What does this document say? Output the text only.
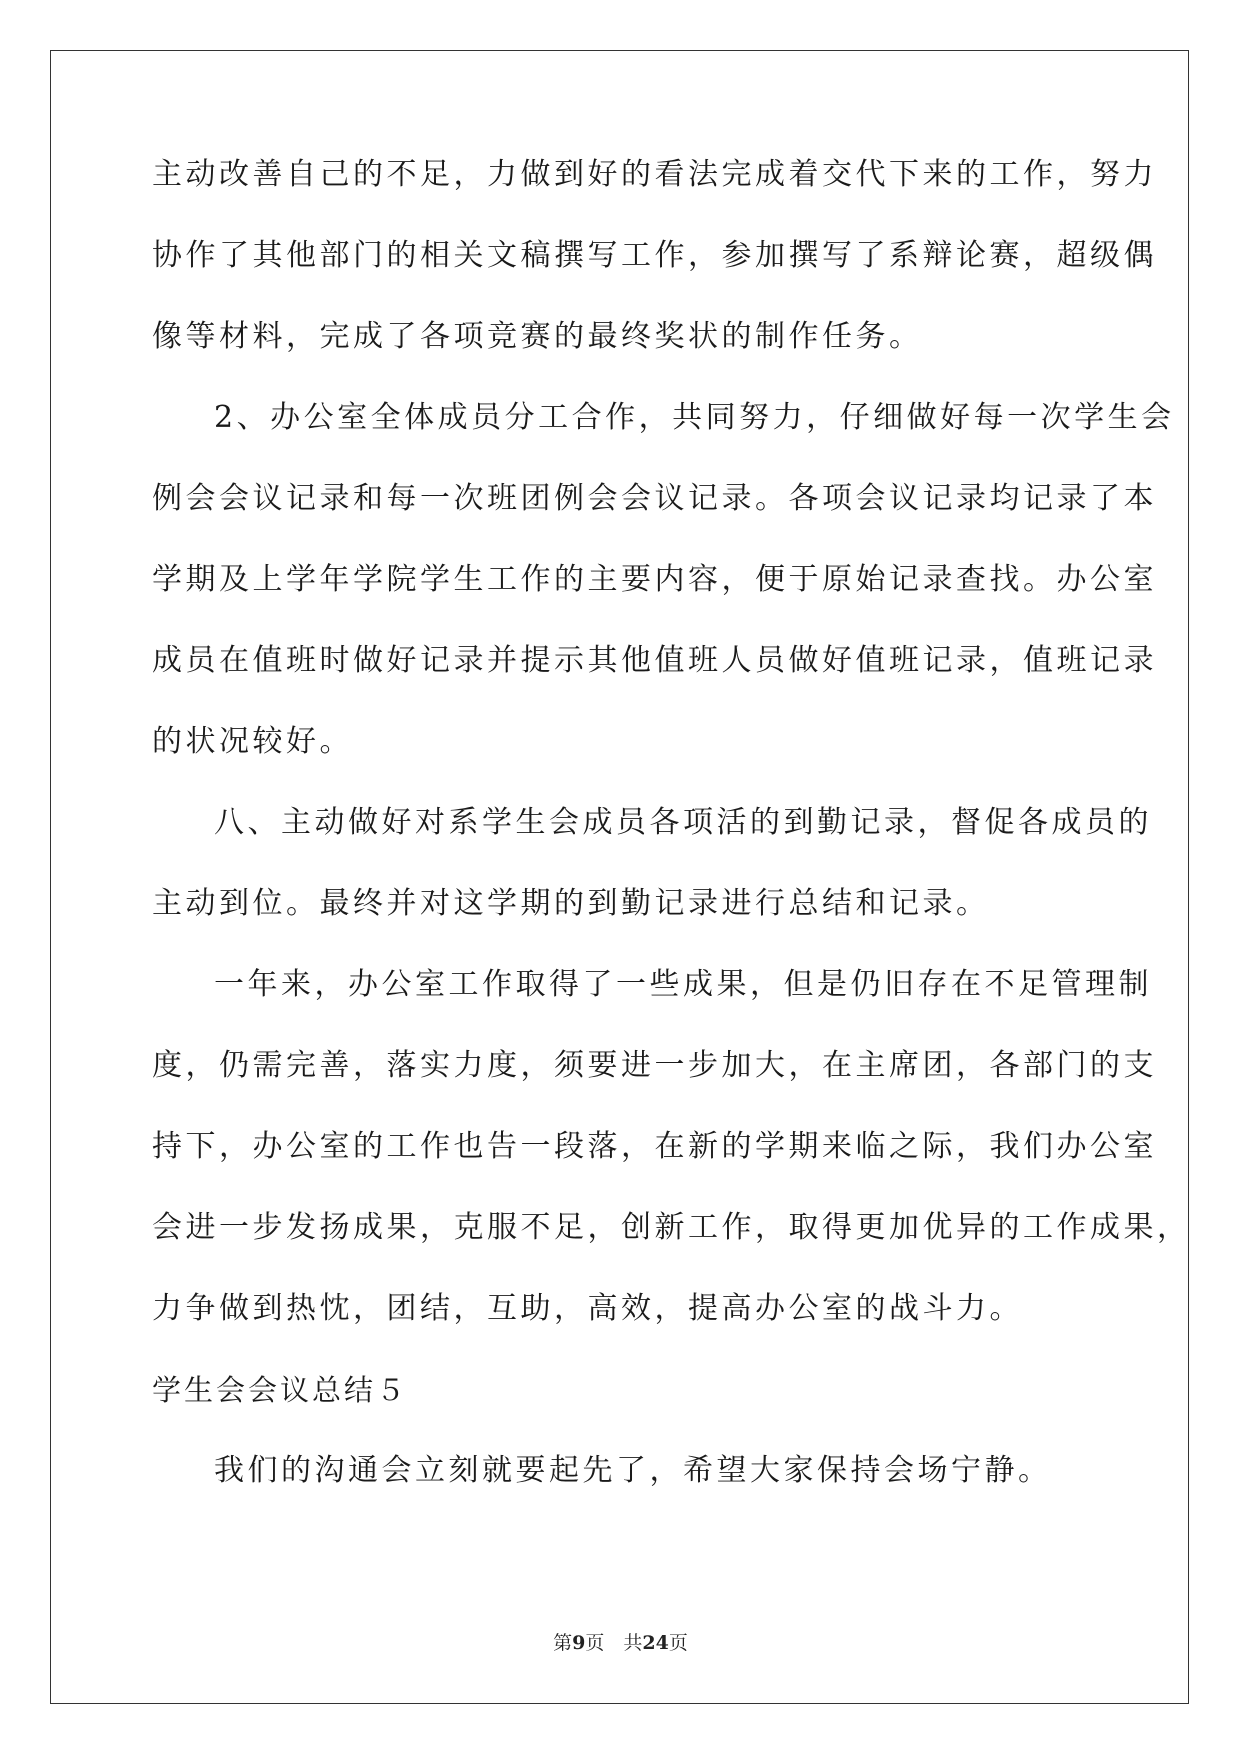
主动改善自己的不足，力做到好的看法完成着交代下来的工作，努力
协作了其他部门的相关文稿撰写工作，参加撰写了系辩论赛，超级偶
像等材料，完成了各项竞赛的最终奖状的制作任务。
2、办公室全体成员分工合作，共同努力，仔细做好每一次学生会
例会会议记录和每一次班团例会会议记录。各项会议记录均记录了本
学期及上学年学院学生工作的主要内容，便于原始记录查找。办公室
成员在值班时做好记录并提示其他值班人员做好值班记录，值班记录
的状况较好。
八、主动做好对系学生会成员各项活的到勤记录，督促各成员的
主动到位。最终并对这学期的到勤记录进行总结和记录。
一年来，办公室工作取得了一些成果，但是仍旧存在不足管理制
度，仍需完善，落实力度，须要进一步加大，在主席团，各部门的支
持下，办公室的工作也告一段落，在新的学期来临之际，我们办公室
会进一步发扬成果，克服不足，创新工作，取得更加优异的工作成果，
力争做到热忱，团结，互助，高效，提高办公室的战斗力。
学生会会议总结５
我们的沟通会立刻就要起先了，希望大家保持会场宁静。
第9页　共24页
